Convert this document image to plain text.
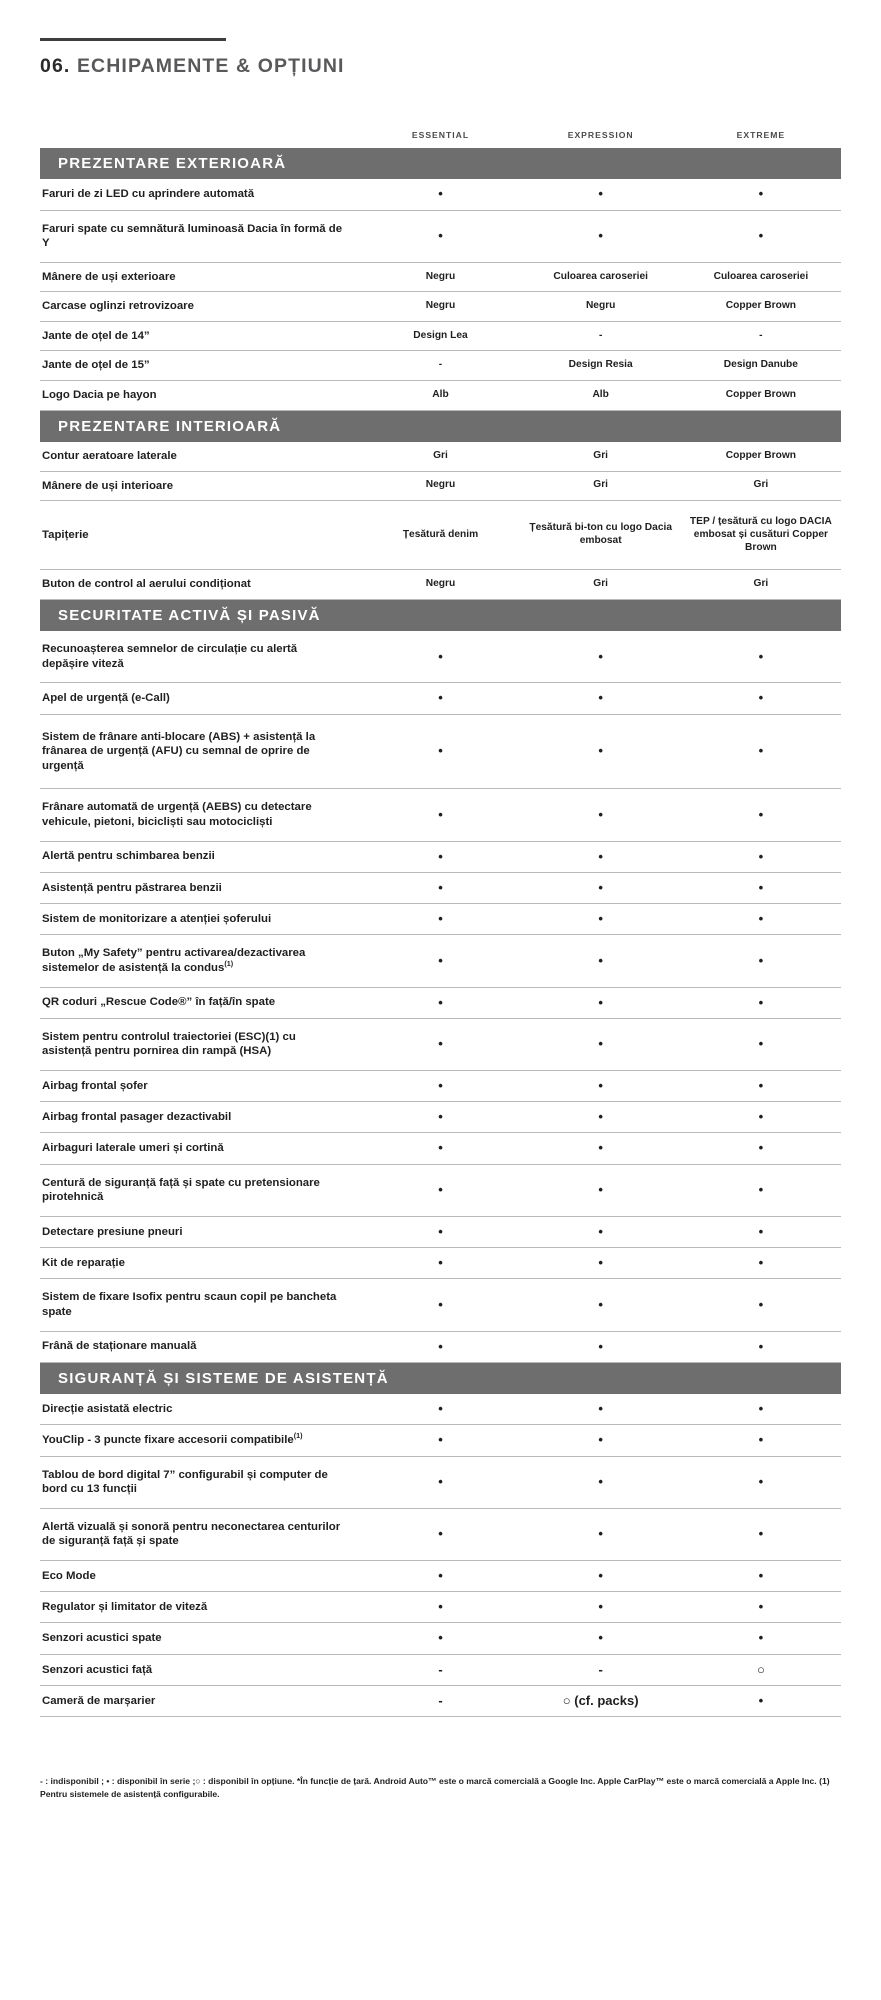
06. ECHIPAMENTE & OPȚIUNI
	ESSENTIAL	EXPRESSION	EXTREME

PREZENTARE EXTERIOARĂ			

Faruri de zi LED cu aprindere automată	•	•	•
Faruri spate cu semnătură luminoasă Dacia în formă de Y	•	•	•
Mânere de uși exterioare	Negru	Culoarea caroseriei	Culoarea caroseriei
Carcase oglinzi retrovizoare	Negru	Negru	Copper Brown
Jante de oțel de 14”	Design Lea	-	-
Jante de oțel de 15”	-	Design Resia	Design Danube
Logo Dacia pe hayon	Alb	Alb	Copper Brown

PREZENTARE INTERIOARĂ			

Contur aeratoare laterale	Gri	Gri	Copper Brown
Mânere de uși interioare	Negru	Gri	Gri
Tapițerie	Țesătură denim	Țesătură bi-ton cu logo Dacia embosat	TEP / țesătură cu logo DACIA embosat și cusături Copper Brown
Buton de control al aerului condiționat	Negru	Gri	Gri

SECURITATE ACTIVĂ ȘI PASIVĂ			

Recunoașterea semnelor de circulație cu alertă depășire viteză	•	•	•
Apel de urgență (e-Call)	•	•	•
Sistem de frânare anti-blocare (ABS) + asistență la frânarea de urgență (AFU) cu semnal de oprire de urgență	•	•	•
Frânare automată de urgență (AEBS) cu detectare vehicule, pietoni, bicicliști sau motocicliști	•	•	•
Alertă pentru schimbarea benzii	•	•	•
Asistență pentru păstrarea benzii	•	•	•
Sistem de monitorizare a atenției șoferului	•	•	•
Buton „My Safety” pentru activarea/dezactivarea sistemelor de asistență la condus$^{(1)}$	•	•	•
QR coduri „Rescue Code®” în față/în spate	•	•	•
Sistem pentru controlul traiectoriei (ESC)(1) cu asistență pentru pornirea din rampă (HSA)	•	•	•
Airbag frontal șofer	•	•	•
Airbag frontal pasager dezactivabil	•	•	•
Airbaguri laterale umeri și cortină	•	•	•
Centură de siguranță față și spate cu pretensionare pirotehnică	•	•	•
Detectare presiune pneuri	•	•	•
Kit de reparație	•	•	•
Sistem de fixare Isofix pentru scaun copil pe bancheta spate	•	•	•
Frână de staționare manuală	•	•	•

SIGURANȚĂ ȘI SISTEME DE ASISTENȚĂ			

Direcție asistată electric	•	•	•
YouClip - 3 puncte fixare accesorii compatibile$^{(1)}$	•	•	•
Tablou de bord digital 7” configurabil și computer de bord cu 13 funcții	•	•	•
Alertă vizuală și sonoră pentru neconectarea centurilor de siguranță față și spate	•	•	•
Eco Mode	•	•	•
Regulator și limitator de viteză	•	•	•
Senzori acustici spate	•	•	•
Senzori acustici față	-	-	○
Cameră de marșarier	-	○ (cf. packs)	•
- : indisponibil ; • : disponibil în serie ;○ : disponibil în opțiune. *În funcție de țară. Android Auto™ este o marcă comercială a Google Inc. Apple CarPlay™ este o marcă comercială a Apple Inc. (1) Pentru sistemele de asistență configurabile.
